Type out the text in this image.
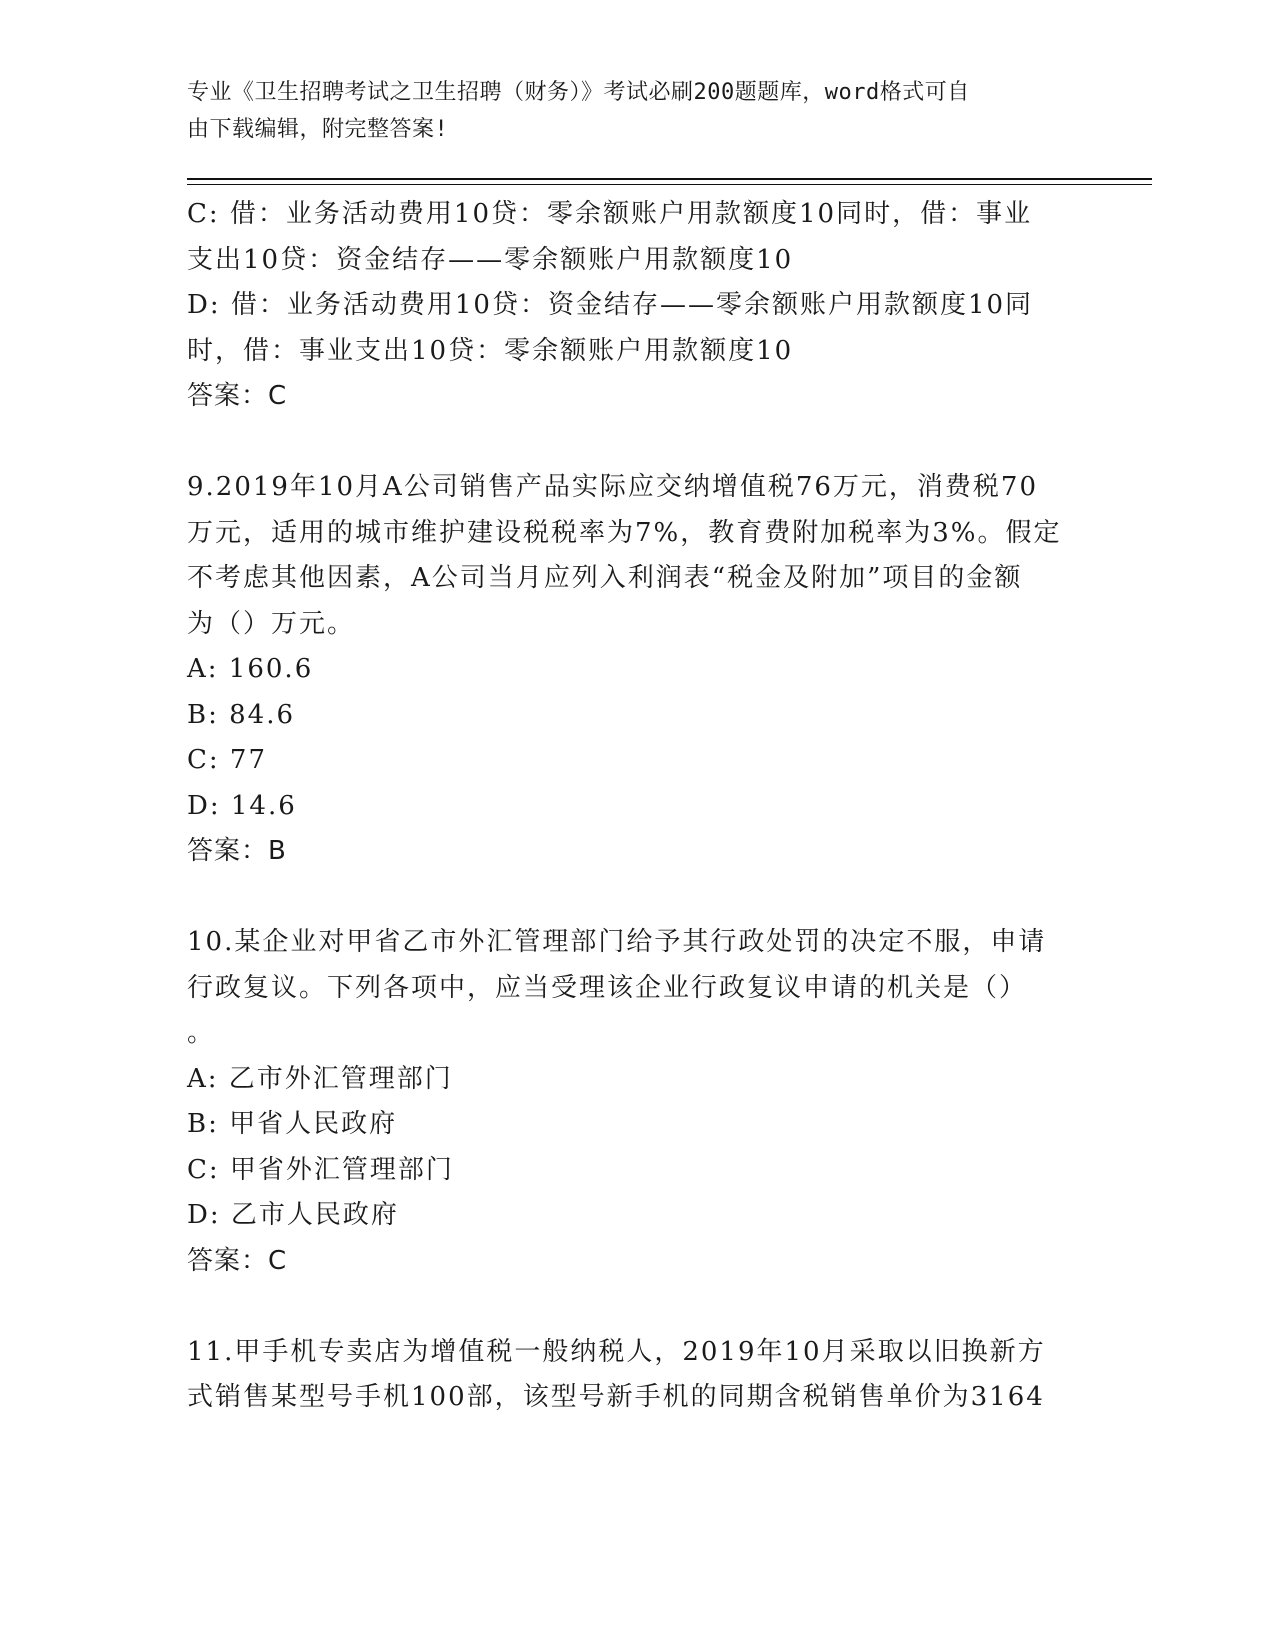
专业《卫生招聘考试之卫生招聘（财务）》考试必刷200题题库，word格式可自
由下载编辑，附完整答案!
C: 借：业务活动费用10贷：零余额账户用款额度10同时，借：事业
支出10贷：资金结存——零余额账户用款额度10
D: 借：业务活动费用10贷：资金结存——零余额账户用款额度10同
时，借：事业支出10贷：零余额账户用款额度10
答案：C
9.2019年10月A公司销售产品实际应交纳增值税76万元，消费税70
万元，适用的城市维护建设税税率为7%，教育费附加税率为3%。假定
不考虑其他因素，A公司当月应列入利润表“税金及附加”项目的金额
为（）万元。
A: 160.6
B: 84.6
C: 77
D: 14.6
答案：B
10.某企业对甲省乙市外汇管理部门给予其行政处罚的决定不服，申请
行政复议。下列各项中，应当受理该企业行政复议申请的机关是（）
。
A: 乙市外汇管理部门
B: 甲省人民政府
C: 甲省外汇管理部门
D: 乙市人民政府
答案：C
11.甲手机专卖店为增值税一般纳税人，2019年10月采取以旧换新方
式销售某型号手机100部，该型号新手机的同期含税销售单价为3164
